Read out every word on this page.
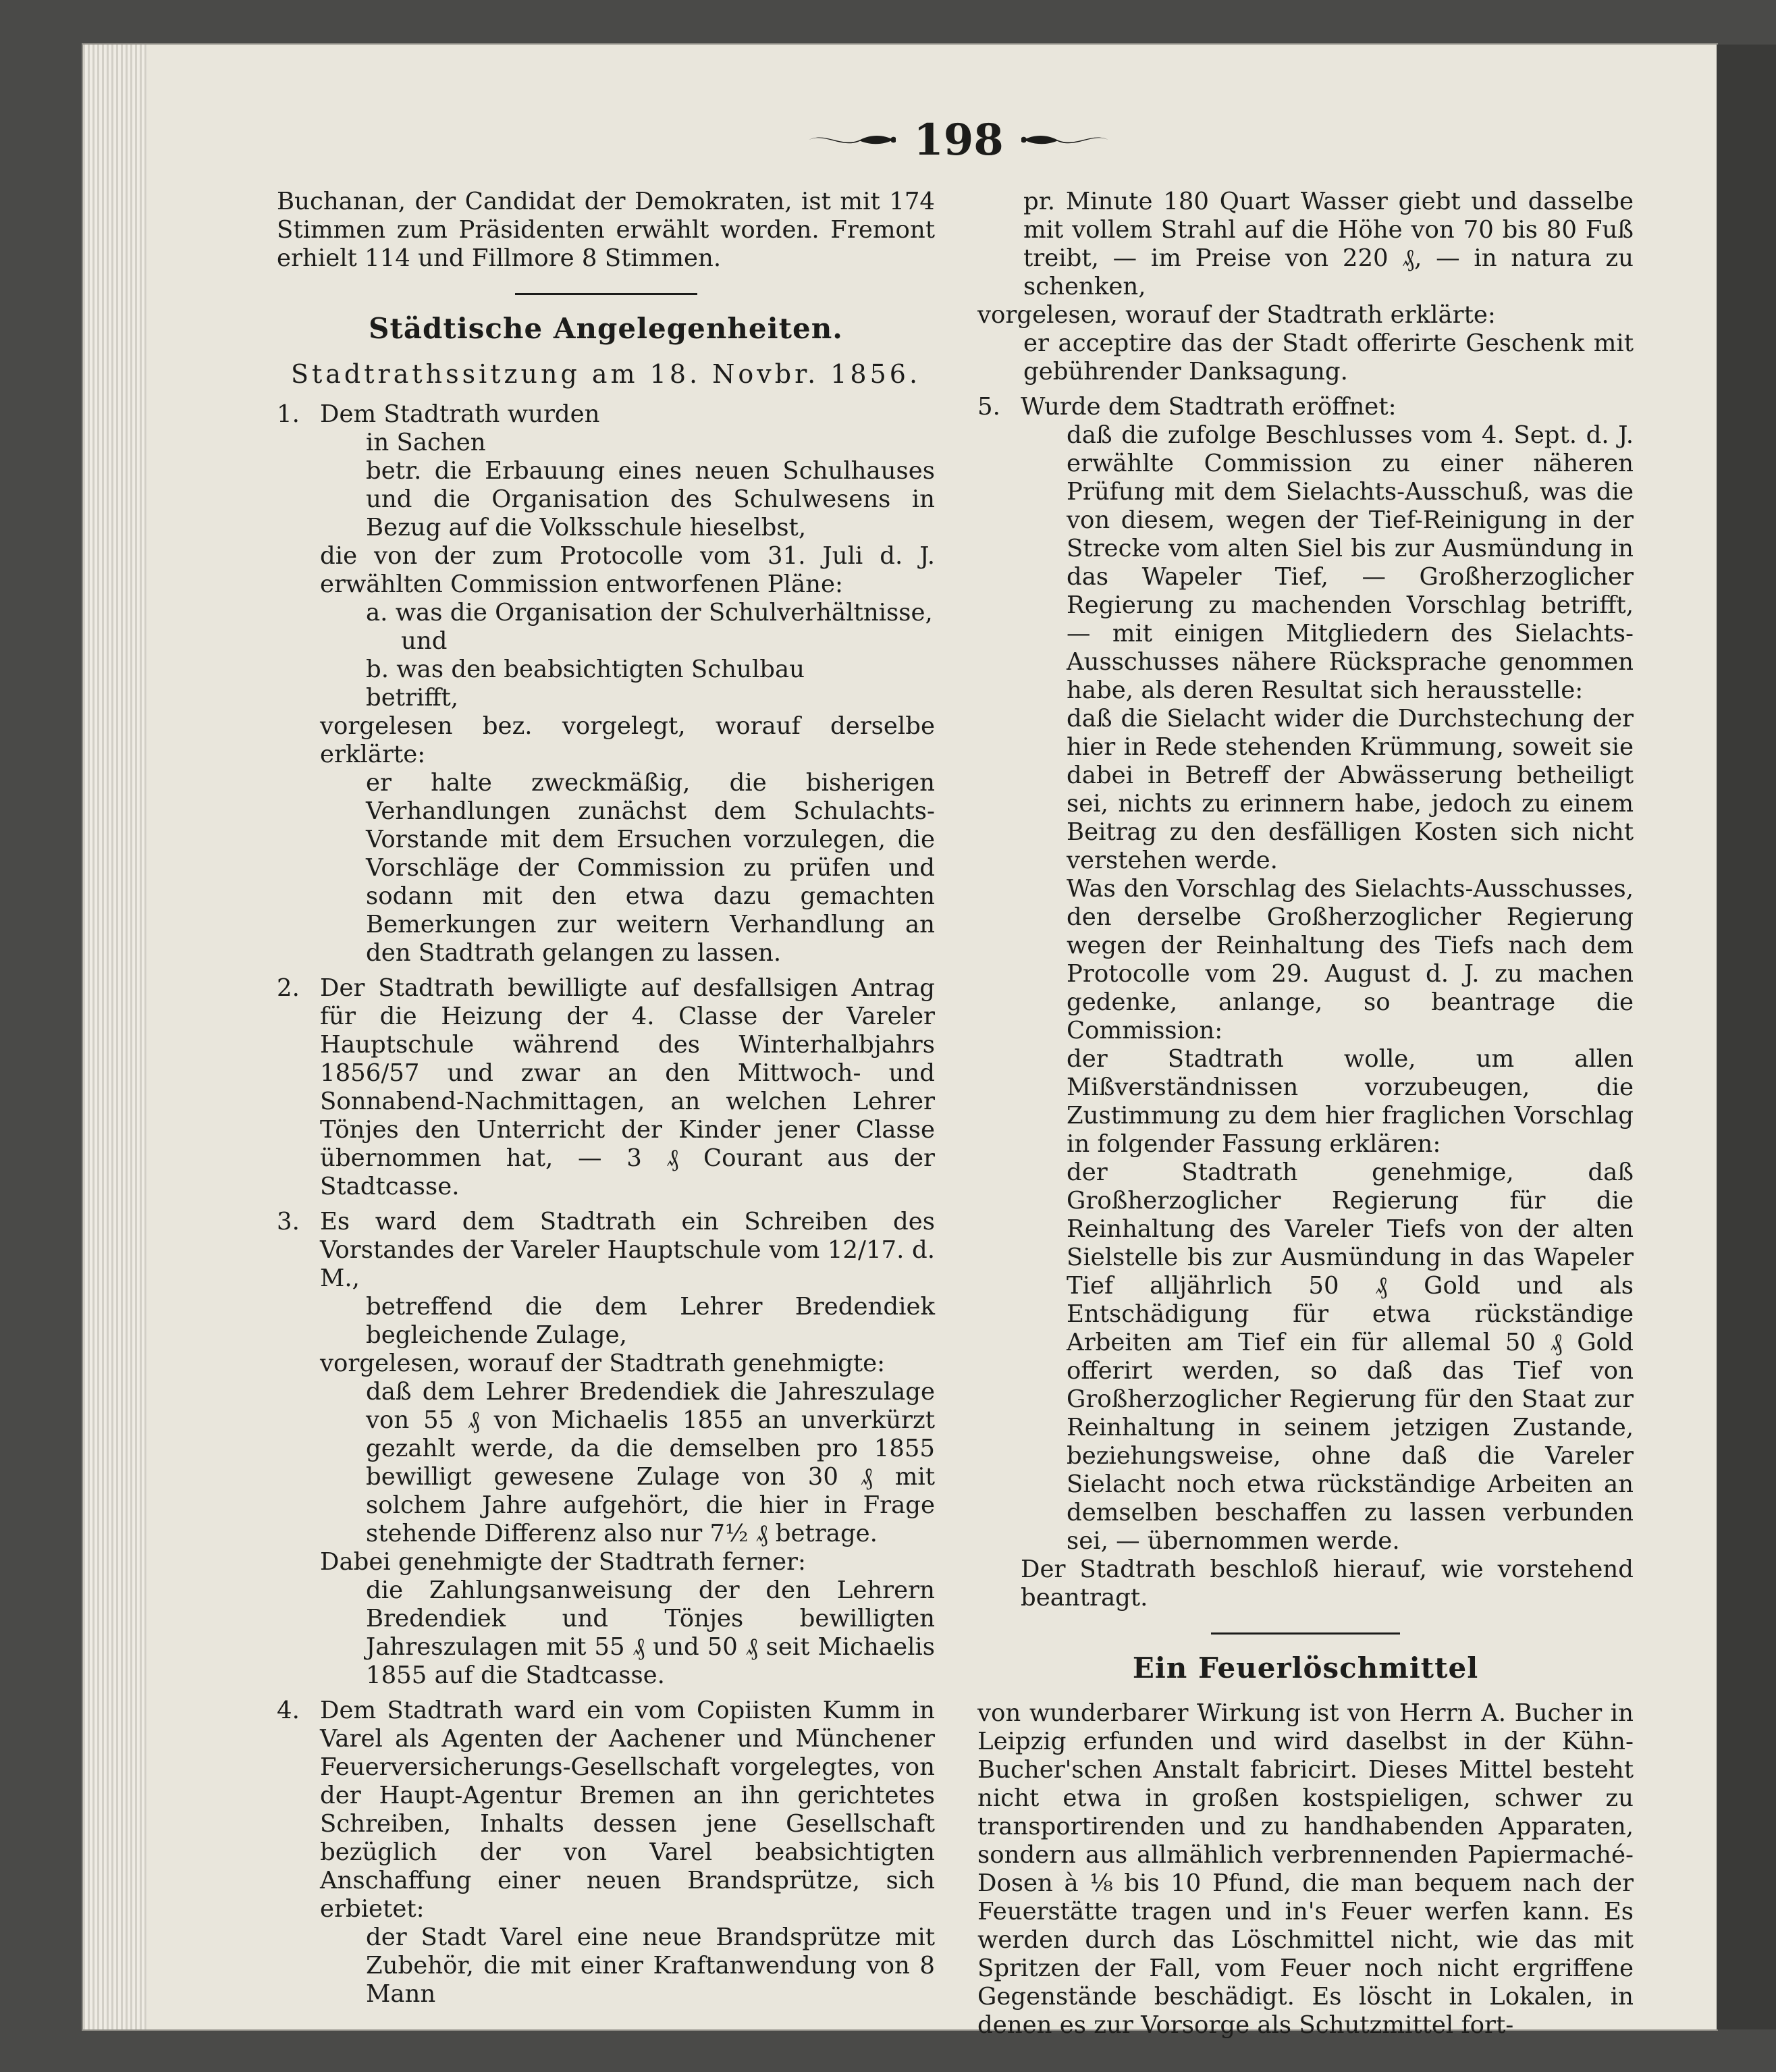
198

Buchanan, der Candidat der Demokraten, ist mit 174 Stimmen zum Präsidenten erwählt worden. Fremont erhielt 114 und Fillmore 8 Stimmen.

Städtische Angelegenheiten.
Stadtrathssitzung am 18. Novbr. 1856.
1. Dem Stadtrath wurden

in Sachen

betr. die Erbauung eines neuen Schulhauses und die Organisation des Schulwesens in Bezug auf die Volksschule hieselbst,

die von der zum Protocolle vom 31. Juli d. J. erwählten Commission entworfenen Pläne:

a. was die Organisation der Schulverhältnisse,

und

b. was den beabsichtigten Schulbau

betrifft,

vorgelesen bez. vorgelegt, worauf derselbe erklärte:

er halte zweckmäßig, die bisherigen Verhandlungen zunächst dem Schulachts-Vorstande mit dem Ersuchen vorzulegen, die Vorschläge der Commission zu prüfen und sodann mit den etwa dazu gemachten Bemerkungen zur weitern Verhandlung an den Stadtrath gelangen zu lassen.

2. Der Stadtrath bewilligte auf desfallsigen Antrag für die Heizung der 4. Classe der Vareler Hauptschule während des Winterhalbjahrs 1856/57 und zwar an den Mittwoch- und Sonnabend-Nachmittagen, an welchen Lehrer Tönjes den Unterricht der Kinder jener Classe übernommen hat, — 3 ₰ Courant aus der Stadtcasse.

3. Es ward dem Stadtrath ein Schreiben des Vorstandes der Vareler Hauptschule vom 12/17. d. M.,

betreffend die dem Lehrer Bredendiek begleichende Zulage,

vorgelesen, worauf der Stadtrath genehmigte:

daß dem Lehrer Bredendiek die Jahreszulage von 55 ₰ von Michaelis 1855 an unverkürzt gezahlt werde, da die demselben pro 1855 bewilligt gewesene Zulage von 30 ₰ mit solchem Jahre aufgehört, die hier in Frage stehende Differenz also nur 7½ ₰ betrage.

Dabei genehmigte der Stadtrath ferner:

die Zahlungsanweisung der den Lehrern Bredendiek und Tönjes bewilligten Jahreszulagen mit 55 ₰ und 50 ₰ seit Michaelis 1855 auf die Stadtcasse.

4. Dem Stadtrath ward ein vom Copiisten Kumm in Varel als Agenten der Aachener und Münchener Feuerversicherungs-Gesellschaft vorgelegtes, von der Haupt-Agentur Bremen an ihn gerichtetes Schreiben, Inhalts dessen jene Gesellschaft bezüglich der von Varel beabsichtigten Anschaffung einer neuen Brandsprütze, sich erbietet:

der Stadt Varel eine neue Brandsprütze mit Zubehör, die mit einer Kraftanwendung von 8 Mann

pr. Minute 180 Quart Wasser giebt und dasselbe mit vollem Strahl auf die Höhe von 70 bis 80 Fuß treibt, — im Preise von 220 ₰, — in natura zu schenken,

vorgelesen, worauf der Stadtrath erklärte:

er acceptire das der Stadt offerirte Geschenk mit gebührender Danksagung.

5. Wurde dem Stadtrath eröffnet:

daß die zufolge Beschlusses vom 4. Sept. d. J. erwählte Commission zu einer näheren Prüfung mit dem Sielachts-Ausschuß, was die von diesem, wegen der Tief-Reinigung in der Strecke vom alten Siel bis zur Ausmündung in das Wapeler Tief, — Großherzoglicher Regierung zu machenden Vorschlag betrifft, — mit einigen Mitgliedern des Sielachts-Ausschusses nähere Rücksprache genommen habe, als deren Resultat sich herausstelle:

daß die Sielacht wider die Durchstechung der hier in Rede stehenden Krümmung, soweit sie dabei in Betreff der Abwässerung betheiligt sei, nichts zu erinnern habe, jedoch zu einem Beitrag zu den desfälligen Kosten sich nicht verstehen werde.

Was den Vorschlag des Sielachts-Ausschusses, den derselbe Großherzoglicher Regierung wegen der Reinhaltung des Tiefs nach dem Protocolle vom 29. August d. J. zu machen gedenke, anlange, so beantrage die Commission:

der Stadtrath wolle, um allen Mißverständnissen vorzubeugen, die Zustimmung zu dem hier fraglichen Vorschlag in folgender Fassung erklären:

der Stadtrath genehmige, daß Großherzoglicher Regierung für die Reinhaltung des Vareler Tiefs von der alten Sielstelle bis zur Ausmündung in das Wapeler Tief alljährlich 50 ₰ Gold und als Entschädigung für etwa rückständige Arbeiten am Tief ein für allemal 50 ₰ Gold offerirt werden, so daß das Tief von Großherzoglicher Regierung für den Staat zur Reinhaltung in seinem jetzigen Zustande, beziehungsweise, ohne daß die Vareler Sielacht noch etwa rückständige Arbeiten an demselben beschaffen zu lassen verbunden sei, — übernommen werde.

Der Stadtrath beschloß hierauf, wie vorstehend beantragt.

Ein Feuerlöschmittel

von wunderbarer Wirkung ist von Herrn A. Bucher in Leipzig erfunden und wird daselbst in der Kühn-Bucher'schen Anstalt fabricirt. Dieses Mittel besteht nicht etwa in großen kostspieligen, schwer zu transportirenden und zu handhabenden Apparaten, sondern aus allmählich verbrennenden Papiermaché-Dosen à ⅛ bis 10 Pfund, die man bequem nach der Feuerstätte tragen und in's Feuer werfen kann. Es werden durch das Löschmittel nicht, wie das mit Spritzen der Fall, vom Feuer noch nicht ergriffene Gegenstände beschädigt. Es löscht in Lokalen, in denen es zur Vorsorge als Schutzmittel fort-
